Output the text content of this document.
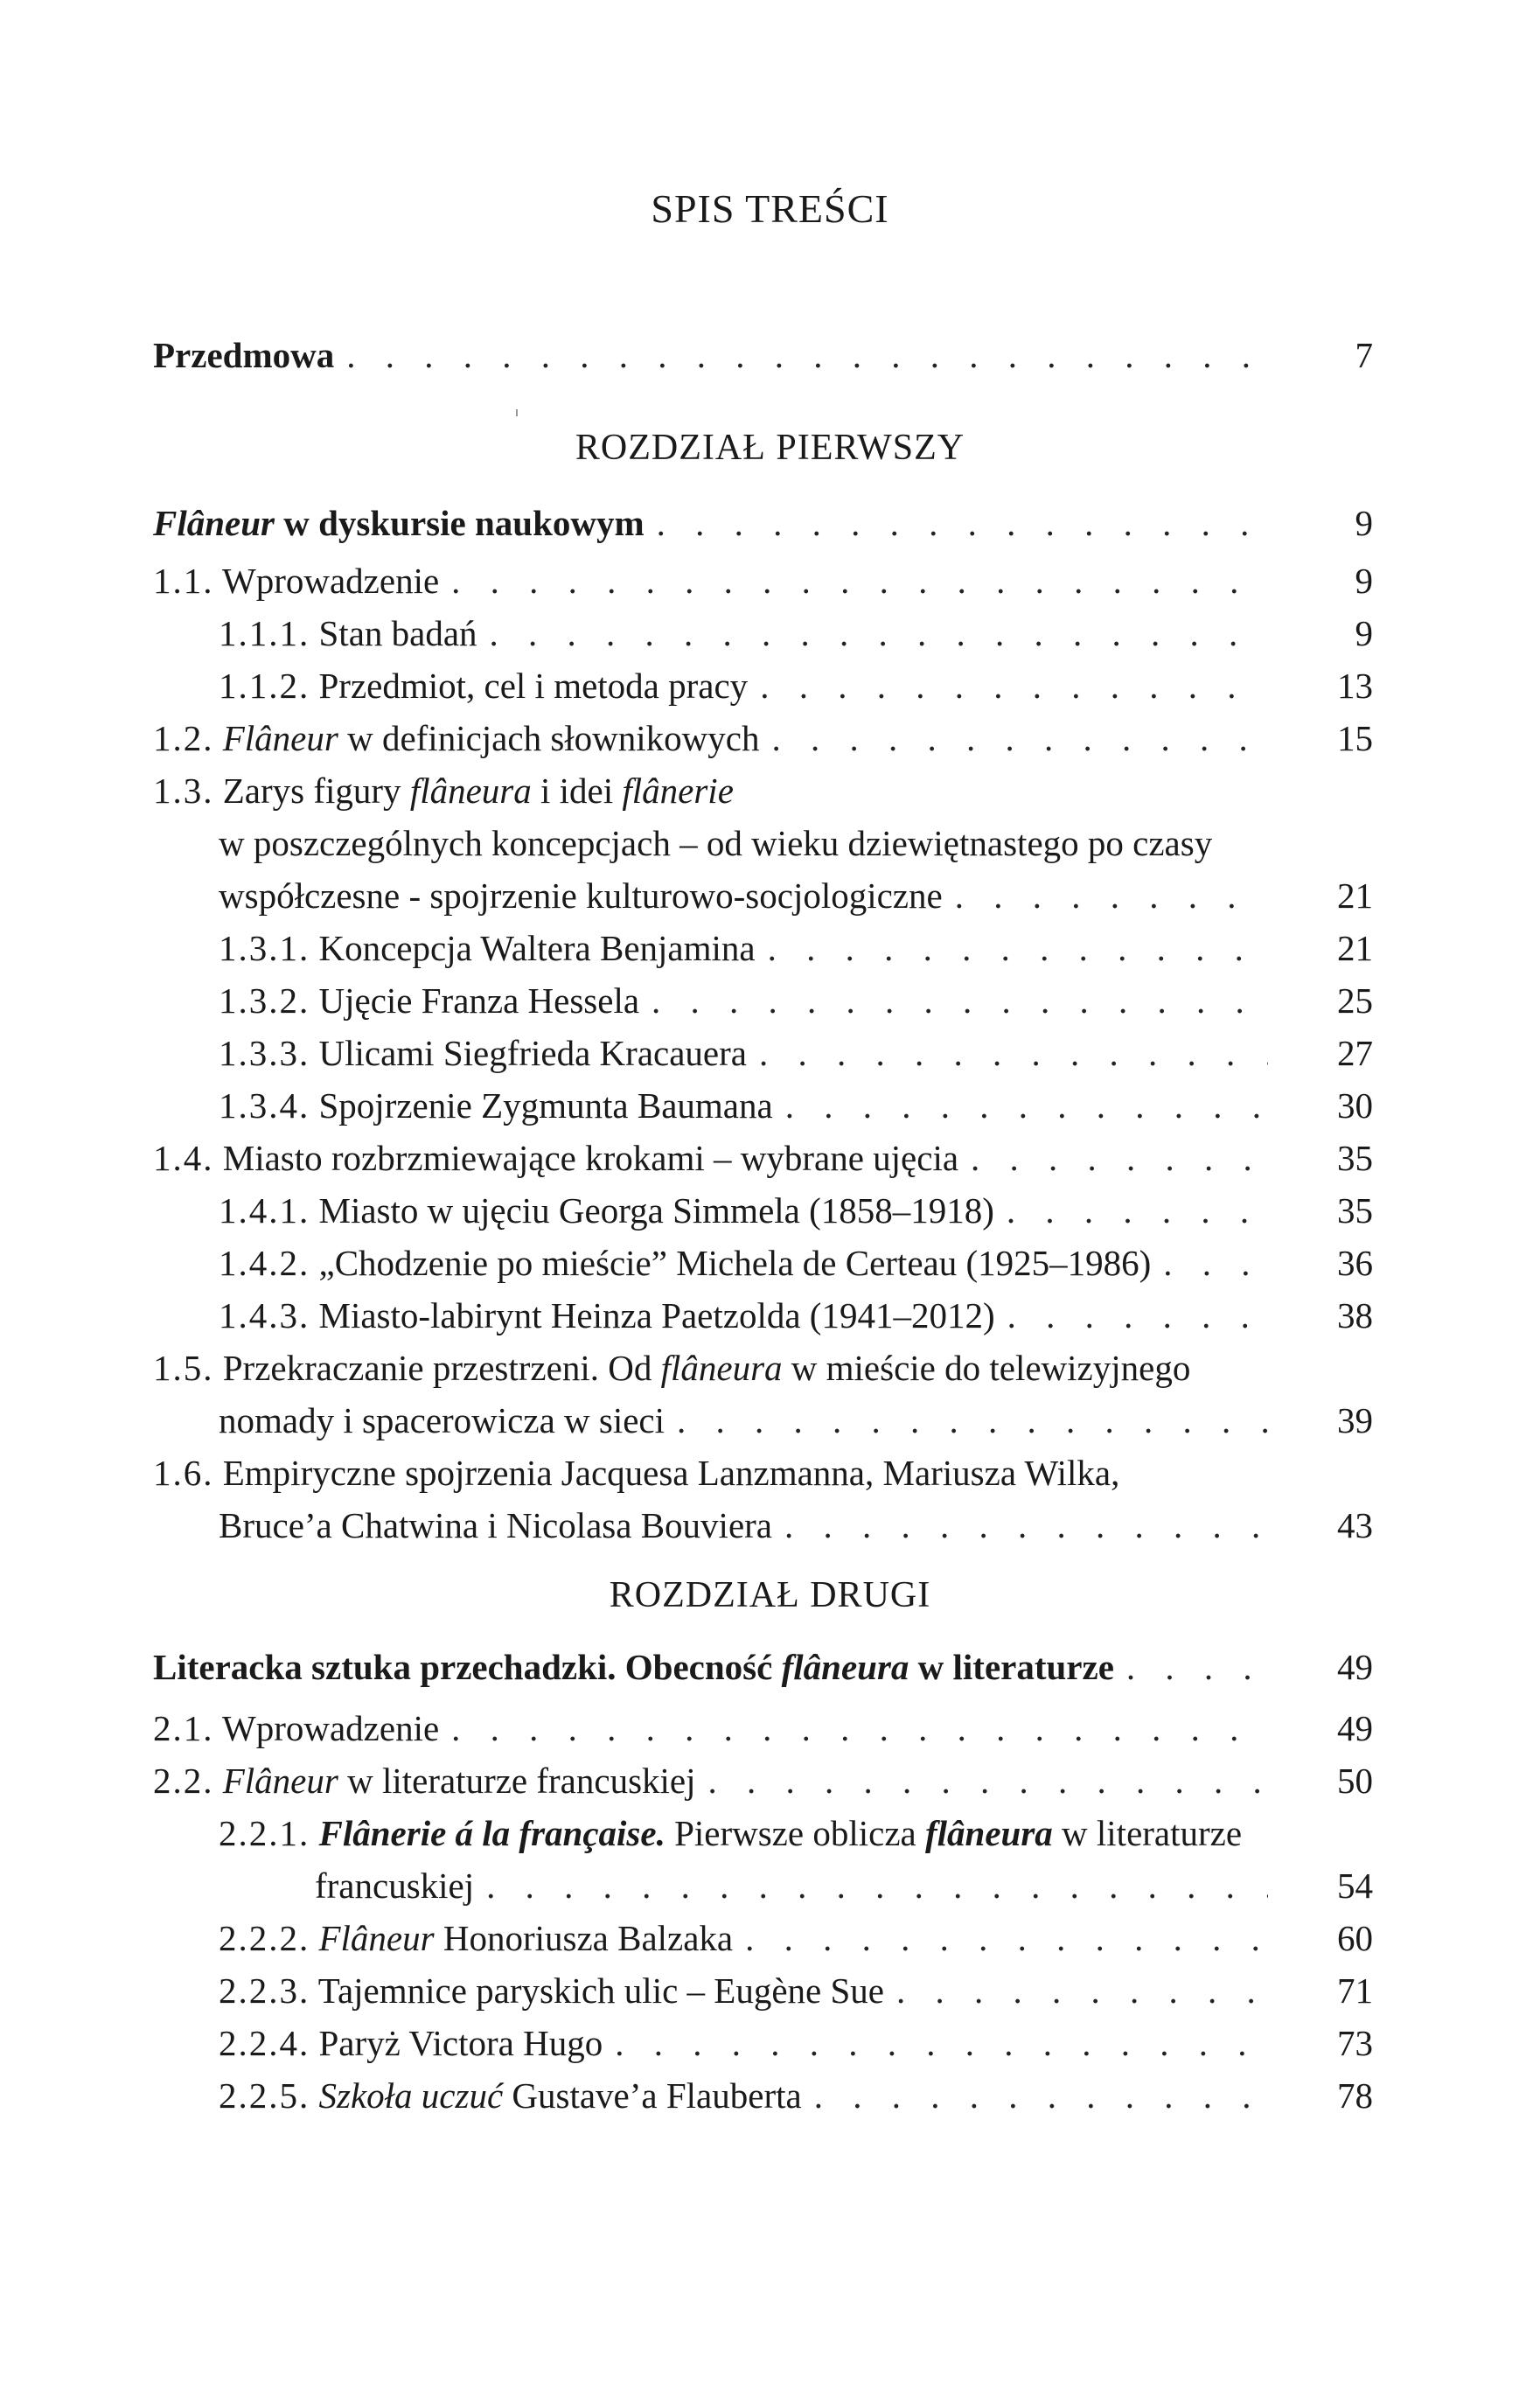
SPIS TREŚCI
Przedmowa . . .	7
ROZDZIAŁ PIERWSZY
Flâneur w dyskursie naukowym . . .	9
1.1. Wprowadzenie . . .	9
1.1.1. Stan badań . . .	9
1.1.2. Przedmiot, cel i metoda pracy . . .	13
1.2. Flâneur w definicjach słownikowych . . .	15
1.3. Zarys figury flâneura i idei flânerie
w poszczególnych koncepcjach – od wieku dziewiętnastego po czasy
współczesne - spojrzenie kulturowo-socjologiczne . . .	21
1.3.1. Koncepcja Waltera Benjamina . . .	21
1.3.2. Ujęcie Franza Hessela . . .	25
1.3.3. Ulicami Siegfrieda Kracauera . . .	27
1.3.4. Spojrzenie Zygmunta Baumana . . .	30
1.4. Miasto rozbrzmiewające krokami – wybrane ujęcia . . .	35
1.4.1. Miasto w ujęciu Georga Simmela (1858–1918) . . .	35
1.4.2. „Chodzenie po mieście” Michela de Certeau (1925–1986) . . .	36
1.4.3. Miasto-labirynt Heinza Paetzolda (1941–2012) . . .	38
1.5. Przekraczanie przestrzeni. Od flâneura w mieście do telewizyjnego
nomady i spacerowicza w sieci . . .	39
1.6. Empiryczne spojrzenia Jacquesa Lanzmanna, Mariusza Wilka,
Bruce’a Chatwina i Nicolasa Bouviera . . .	43
ROZDZIAŁ DRUGI
Literacka sztuka przechadzki. Obecność flâneura w literaturze . . .	49
2.1. Wprowadzenie . . .	49
2.2. Flâneur w literaturze francuskiej . . .	50
2.2.1. Flânerie á la française. Pierwsze oblicza flâneura w literaturze
francuskiej . . .	54
2.2.2. Flâneur Honoriusza Balzaka . . .	60
2.2.3. Tajemnice paryskich ulic – Eugène Sue . . .	71
2.2.4. Paryż Victora Hugo . . .	73
2.2.5. Szkoła uczuć Gustave’a Flauberta . . .	78
